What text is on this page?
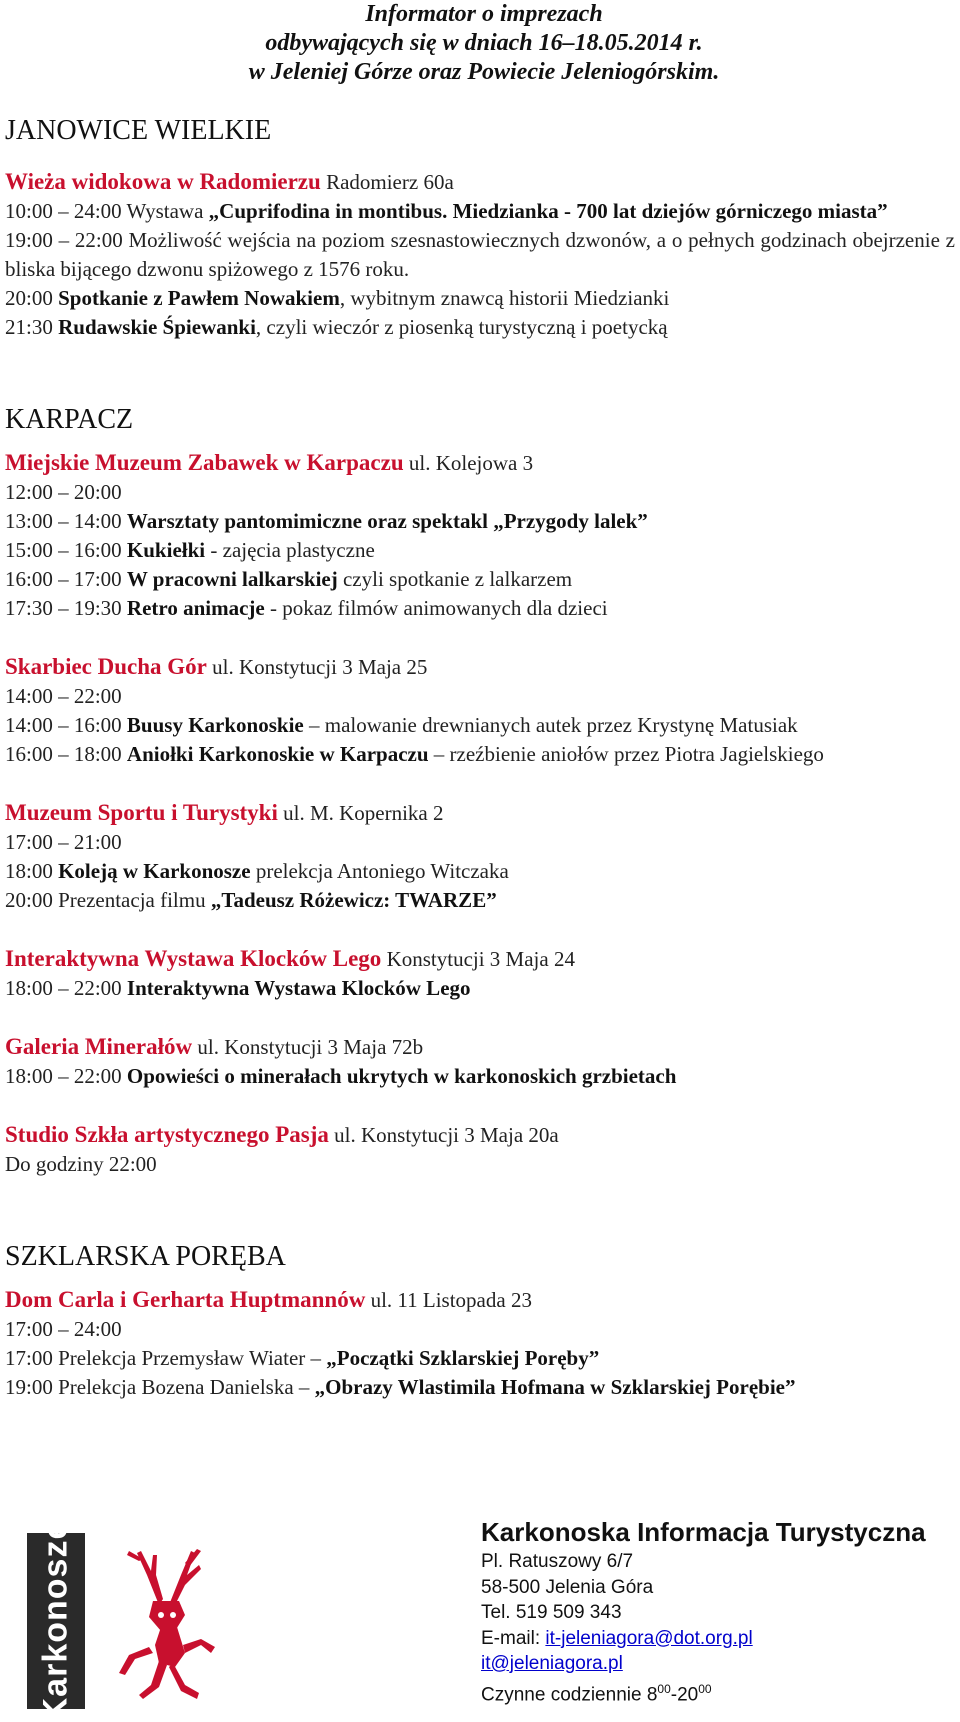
Informator o imprezach
odbywających się w dniach 16–18.05.2014 r.
w Jeleniej Górze oraz Powiecie Jeleniogórskim.
JANOWICE WIELKIE
Wieża widokowa w Radomierzu Radomierz 60a
10:00 – 24:00 Wystawa „Cuprifodina in montibus. Miedzianka - 700 lat dziejów górniczego miasta”
19:00 – 22:00 Możliwość wejścia na poziom szesnastowiecznych dzwonów, a o pełnych godzinach obejrzenie z bliska bijącego dzwonu spiżowego z 1576 roku.
20:00 Spotkanie z Pawłem Nowakiem, wybitnym znawcą historii Miedzianki
21:30 Rudawskie Śpiewanki, czyli wieczór z piosenką turystyczną i poetycką
KARPACZ
Miejskie Muzeum Zabawek w Karpaczu ul. Kolejowa 3
12:00 – 20:00
13:00 – 14:00 Warsztaty pantomimiczne oraz spektakl „Przygody lalek”
15:00 – 16:00 Kukiełki - zajęcia plastyczne
16:00 – 17:00 W pracowni lalkarskiej czyli spotkanie z lalkarzem
17:30 – 19:30 Retro animacje - pokaz filmów animowanych dla dzieci
Skarbiec Ducha Gór ul. Konstytucji 3 Maja 25
14:00 – 22:00
14:00 – 16:00 Buusy Karkonoskie – malowanie drewnianych autek przez Krystynę Matusiak
16:00 – 18:00 Aniołki Karkonoskie w Karpaczu – rzeźbienie aniołów przez Piotra Jagielskiego
Muzeum Sportu i Turystyki ul. M. Kopernika 2
17:00 – 21:00
18:00 Koleją w Karkonosze prelekcja Antoniego Witczaka
20:00 Prezentacja filmu „Tadeusz Różewicz: TWARZE”
Interaktywna Wystawa Klocków Lego Konstytucji 3 Maja 24
18:00 – 22:00 Interaktywna Wystawa Klocków Lego
Galeria Minerałów ul. Konstytucji 3 Maja 72b
18:00 – 22:00 Opowieści o minerałach ukrytych w karkonoskich grzbietach
Studio Szkła artystycznego Pasja ul. Konstytucji 3 Maja 20a
Do godziny 22:00
SZKLARSKA PORĘBA
Dom Carla i Gerharta Huptmannów ul. 11 Listopada 23
17:00 – 24:00
17:00 Prelekcja Przemysław Wiater – „Początki Szklarskiej Poręby”
19:00 Prelekcja Bozena Danielska – „Obrazy Wlastimila Hofmana w Szklarskiej Porębie”
Karkonosze	Karkonoska Informacja Turystyczna
Pl. Ratuszowy 6/7
58-500 Jelenia Góra
Tel. 519 509 343
E-mail: it-jeleniagora@dot.org.pl
it@jeleniagora.pl
Czynne codziennie $8^{00}-20^{00}$
